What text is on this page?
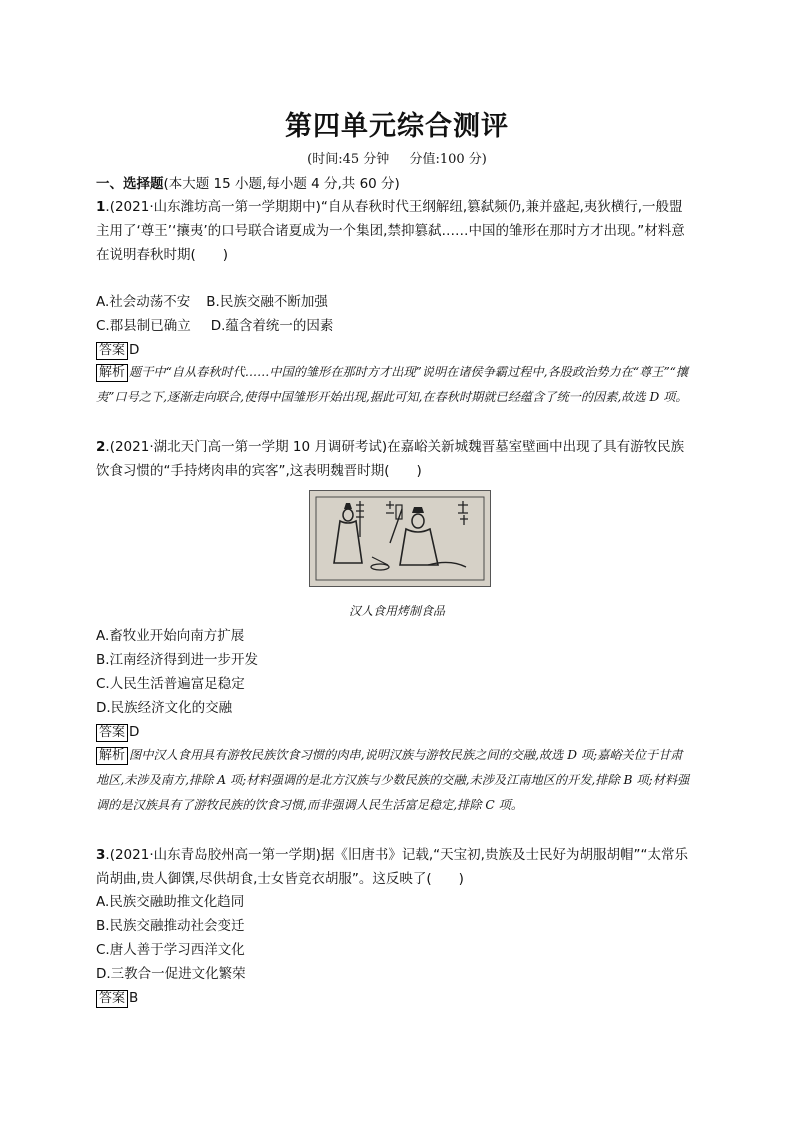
第四单元综合测评
(时间:45 分钟 分值:100 分)
一、选择题(本大题 15 小题,每小题 4 分,共 60 分)

1.(2021·山东潍坊高一第一学期期中)“自从春秋时代王纲解纽,篡弑频仍,兼并盛起,夷狄横行,一般盟主用了‘尊王’‘攘夷’的口号联合诸夏成为一个集团,禁抑篡弑……中国的雏形在那时方才出现。”材料意在说明春秋时期(　　)

A.社会动荡不安 B.民族交融不断加强
C.郡县制已确立 D.蕴含着统一的因素
答案 D
解析 题干中“自从春秋时代……中国的雏形在那时方才出现”说明在诸侯争霸过程中,各股政治势力在“尊王”“攘夷”口号之下,逐渐走向联合,使得中国雏形开始出现,据此可知,在春秋时期就已经蕴含了统一的因素,故选 D 项。

2.(2021·湖北天门高一第一学期 10 月调研考试)在嘉峪关新城魏晋墓室壁画中出现了具有游牧民族饮食习惯的“手持烤肉串的宾客”,这表明魏晋时期(　　)

汉人食用烤制食品
A.畜牧业开始向南方扩展
B.江南经济得到进一步开发
C.人民生活普遍富足稳定
D.民族经济文化的交融
答案 D
解析 图中汉人食用具有游牧民族饮食习惯的肉串,说明汉族与游牧民族之间的交融,故选 D 项;嘉峪关位于甘肃地区,未涉及南方,排除 A 项;材料强调的是北方汉族与少数民族的交融,未涉及江南地区的开发,排除 B 项;材料强调的是汉族具有了游牧民族的饮食习惯,而非强调人民生活富足稳定,排除 C 项。

3.(2021·山东青岛胶州高一第一学期)据《旧唐书》记载,“天宝初,贵族及士民好为胡服胡帽”“太常乐尚胡曲,贵人御馔,尽供胡食,士女皆竞衣胡服”。这反映了(　　)

A.民族交融助推文化趋同
B.民族交融推动社会变迁
C.唐人善于学习西洋文化
D.三教合一促进文化繁荣
答案 B
